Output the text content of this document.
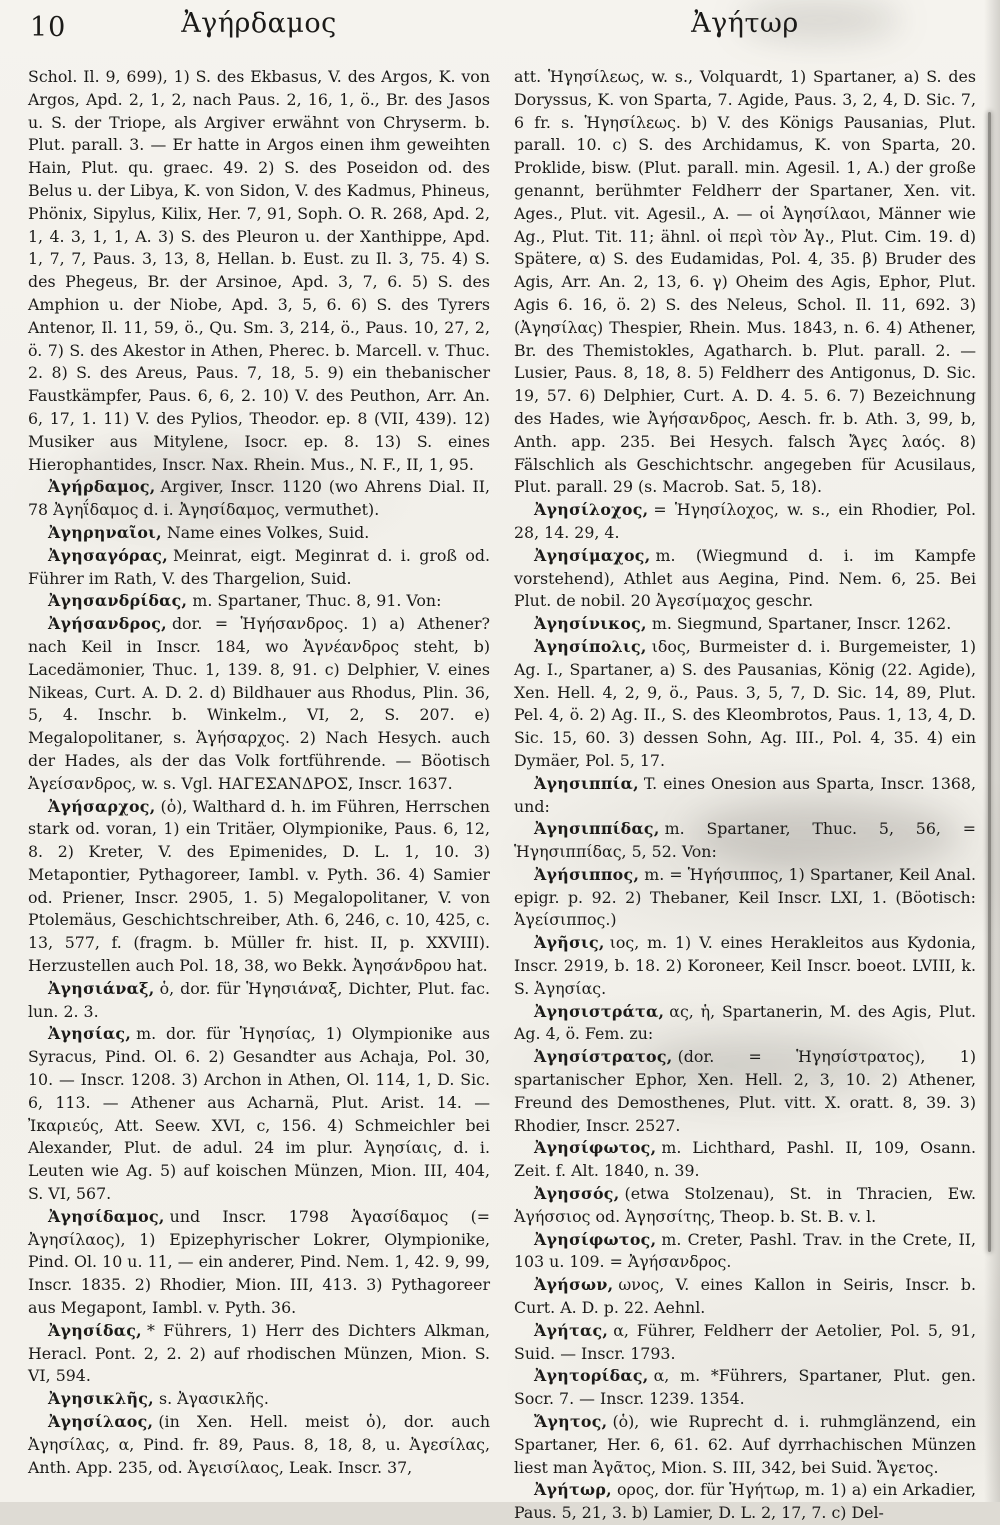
10	Ἀγήρδαμος	Ἀγήτωρ

Schol. Il. 9, 699), 1) S. des Ekbasus, V. des Argos, K. von Argos, Apd. 2, 1, 2, nach Paus. 2, 16, 1, ö., Br. des Jasos u. S. der Triope, als Argiver erwähnt von Chryserm. b. Plut. parall. 3. — Er hatte in Argos einen ihm geweihten Hain, Plut. qu. graec. 49. 2) S. des Poseidon od. des Belus u. der Libya, K. von Sidon, V. des Kadmus, Phineus, Phönix, Sipylus, Kilix, Her. 7, 91, Soph. O. R. 268, Apd. 2, 1, 4. 3, 1, 1, A. 3) S. des Pleuron u. der Xanthippe, Apd. 1, 7, 7, Paus. 3, 13, 8, Hellan. b. Eust. zu Il. 3, 75. 4) S. des Phegeus, Br. der Arsinoe, Apd. 3, 7, 6. 5) S. des Amphion u. der Niobe, Apd. 3, 5, 6. 6) S. des Tyrers Antenor, Il. 11, 59, ö., Qu. Sm. 3, 214, ö., Paus. 10, 27, 2, ö. 7) S. des Akestor in Athen, Pherec. b. Marcell. v. Thuc. 2. 8) S. des Areus, Paus. 7, 18, 5. 9) ein thebanischer Faustkämpfer, Paus. 6, 6, 2. 10) V. des Peuthon, Arr. An. 6, 17, 1. 11) V. des Pylios, Theodor. ep. 8 (VII, 439). 12) Musiker aus Mitylene, Isocr. ep. 8. 13) S. eines Hierophantides, Inscr. Nax. Rhein. Mus., N. F., II, 1, 95.

Ἀγήρδαμος, Argiver, Inscr. 1120 (wo Ahrens Dial. II, 78 Ἀγηΐδαμος d. i. Ἀγησίδαμος, vermuthet).

Ἀγηρηναῖοι, Name eines Volkes, Suid.

Ἀγησαγόρας, Meinrat, eigt. Meginrat d. i. groß od. Führer im Rath, V. des Thargelion, Suid.

Ἀγησανδρίδας, m. Spartaner, Thuc. 8, 91. Von:

Ἀγήσανδρος, dor. = Ἡγήσανδρος. 1) a) Athener? nach Keil in Inscr. 184, wo Ἀγνέανδρος steht, b) Lacedämonier, Thuc. 1, 139. 8, 91. c) Delphier, V. eines Nikeas, Curt. A. D. 2. d) Bildhauer aus Rhodus, Plin. 36, 5, 4. Inschr. b. Winkelm., VI, 2, S. 207. e) Megalopolitaner, s. Ἀγήσαρχος. 2) Nach Hesych. auch der Hades, als der das Volk fortführende. — Böotisch Ἀγείσανδρος, w. s. Vgl. ΗΑΓΕΣΑΝΔΡΟΣ, Inscr. 1637.

Ἀγήσαρχος, (ὁ), Walthard d. h. im Führen, Herrschen stark od. voran, 1) ein Tritäer, Olympionike, Paus. 6, 12, 8. 2) Kreter, V. des Epimenides, D. L. 1, 10. 3) Metapontier, Pythagoreer, Iambl. v. Pyth. 36. 4) Samier od. Priener, Inscr. 2905, 1. 5) Megalopolitaner, V. von Ptolemäus, Geschichtschreiber, Ath. 6, 246, c. 10, 425, c. 13, 577, f. (fragm. b. Müller fr. hist. II, p. XXVIII). Herzustellen auch Pol. 18, 38, wo Bekk. Ἀγησάνδρου hat.

Ἀγησιάναξ, ὁ, dor. für Ἡγησιάναξ, Dichter, Plut. fac. lun. 2. 3.

Ἀγησίας, m. dor. für Ἡγησίας, 1) Olympionike aus Syracus, Pind. Ol. 6. 2) Gesandter aus Achaja, Pol. 30, 10. — Inscr. 1208. 3) Archon in Athen, Ol. 114, 1, D. Sic. 6, 113. — Athener aus Acharnä, Plut. Arist. 14. — Ἰκαριεύς, Att. Seew. XVI, c, 156. 4) Schmeichler bei Alexander, Plut. de adul. 24 im plur. Ἀγησίαις, d. i. Leuten wie Ag. 5) auf koischen Münzen, Mion. III, 404, S. VI, 567.

Ἀγησίδαμος, und Inscr. 1798 Ἀγασίδαμος (= Ἀγησίλαος), 1) Epizephyrischer Lokrer, Olympionike, Pind. Ol. 10 u. 11, — ein anderer, Pind. Nem. 1, 42. 9, 99, Inscr. 1835. 2) Rhodier, Mion. III, 413. 3) Pythagoreer aus Megapont, Iambl. v. Pyth. 36.

Ἀγησίδας, * Führers, 1) Herr des Dichters Alkman, Heracl. Pont. 2, 2. 2) auf rhodischen Münzen, Mion. S. VI, 594.

Ἀγησικλῆς, s. Ἀγασικλῆς.

Ἀγησίλαος, (in Xen. Hell. meist ὁ), dor. auch Ἀγησίλας, α, Pind. fr. 89, Paus. 8, 18, 8, u. Ἀγεσίλας, Anth. App. 235, od. Ἀγεισίλαος, Leak. Inscr. 37,

att. Ἡγησίλεως, w. s., Volquardt, 1) Spartaner, a) S. des Doryssus, K. von Sparta, 7. Agide, Paus. 3, 2, 4, D. Sic. 7, 6 fr. s. Ἡγησίλεως. b) V. des Königs Pausanias, Plut. parall. 10. c) S. des Archidamus, K. von Sparta, 20. Proklide, bisw. (Plut. parall. min. Agesil. 1, A.) der große genannt, berühmter Feldherr der Spartaner, Xen. vit. Ages., Plut. vit. Agesil., A. — οἱ Ἀγησίλαοι, Männer wie Ag., Plut. Tit. 11; ähnl. οἱ περὶ τὸν Ἀγ., Plut. Cim. 19. d) Spätere, α) S. des Eudamidas, Pol. 4, 35. β) Bruder des Agis, Arr. An. 2, 13, 6. γ) Oheim des Agis, Ephor, Plut. Agis 6. 16, ö. 2) S. des Neleus, Schol. Il. 11, 692. 3) (Ἀγησίλας) Thespier, Rhein. Mus. 1843, n. 6. 4) Athener, Br. des Themistokles, Agatharch. b. Plut. parall. 2. — Lusier, Paus. 8, 18, 8. 5) Feldherr des Antigonus, D. Sic. 19, 57. 6) Delphier, Curt. A. D. 4. 5. 6. 7) Bezeichnung des Hades, wie Ἀγήσανδρος, Aesch. fr. b. Ath. 3, 99, b, Anth. app. 235. Bei Hesych. falsch Ἄγες λαός. 8) Fälschlich als Geschichtschr. angegeben für Acusilaus, Plut. parall. 29 (s. Macrob. Sat. 5, 18).

Ἀγησίλοχος, = Ἡγησίλοχος, w. s., ein Rhodier, Pol. 28, 14. 29, 4.

Ἀγησίμαχος, m. (Wiegmund d. i. im Kampfe vorstehend), Athlet aus Aegina, Pind. Nem. 6, 25. Bei Plut. de nobil. 20 Ἀγεσίμαχος geschr.

Ἀγησίνικος, m. Siegmund, Spartaner, Inscr. 1262.

Ἀγησίπολις, ιδος, Burmeister d. i. Burgemeister, 1) Ag. I., Spartaner, a) S. des Pausanias, König (22. Agide), Xen. Hell. 4, 2, 9, ö., Paus. 3, 5, 7, D. Sic. 14, 89, Plut. Pel. 4, ö. 2) Ag. II., S. des Kleombrotos, Paus. 1, 13, 4, D. Sic. 15, 60. 3) dessen Sohn, Ag. III., Pol. 4, 35. 4) ein Dymäer, Pol. 5, 17.

Ἀγησιππία, T. eines Onesion aus Sparta, Inscr. 1368, und:

Ἀγησιππίδας, m. Spartaner, Thuc. 5, 56, = Ἡγησιππίδας, 5, 52. Von:

Ἀγήσιππος, m. = Ἡγήσιππος, 1) Spartaner, Keil Anal. epigr. p. 92. 2) Thebaner, Keil Inscr. LXI, 1. (Böotisch: Ἀγείσιππος.)

Ἀγῆσις, ιος, m. 1) V. eines Herakleitos aus Kydonia, Inscr. 2919, b. 18. 2) Koroneer, Keil Inscr. boeot. LVIII, k. S. Ἀγησίας.

Ἀγησιστράτα, ας, ἡ, Spartanerin, M. des Agis, Plut. Ag. 4, ö. Fem. zu:

Ἀγησίστρατος, (dor. = Ἡγησίστρατος), 1) spartanischer Ephor, Xen. Hell. 2, 3, 10. 2) Athener, Freund des Demosthenes, Plut. vitt. X. oratt. 8, 39. 3) Rhodier, Inscr. 2527.

Ἀγησίφωτος, m. Lichthard, Pashl. II, 109, Osann. Zeit. f. Alt. 1840, n. 39.

Ἀγησσός, (etwa Stolzenau), St. in Thracien, Ew. Ἀγήσσιος od. Ἀγησσίτης, Theop. b. St. B. v. l.

Ἀγησίφωτος, m. Creter, Pashl. Trav. in the Crete, II, 103 u. 109. = Ἀγήσανδρος.

Ἀγήσων, ωνος, V. eines Kallon in Seiris, Inscr. b. Curt. A. D. p. 22. Aehnl.

Ἀγήτας, α, Führer, Feldherr der Aetolier, Pol. 5, 91, Suid. — Inscr. 1793.

Ἀγητορίδας, α, m. *Führers, Spartaner, Plut. gen. Socr. 7. — Inscr. 1239. 1354.

Ἄγητος, (ὁ), wie Ruprecht d. i. ruhmglänzend, ein Spartaner, Her. 6, 61. 62. Auf dyrrhachischen Münzen liest man Ἀγᾶτος, Mion. S. III, 342, bei Suid. Ἄγετος.

Ἀγήτωρ, ορος, dor. für Ἡγήτωρ, m. 1) a) ein Arkadier, Paus. 5, 21, 3. b) Lamier, D. L. 2, 17, 7. c) Del-
